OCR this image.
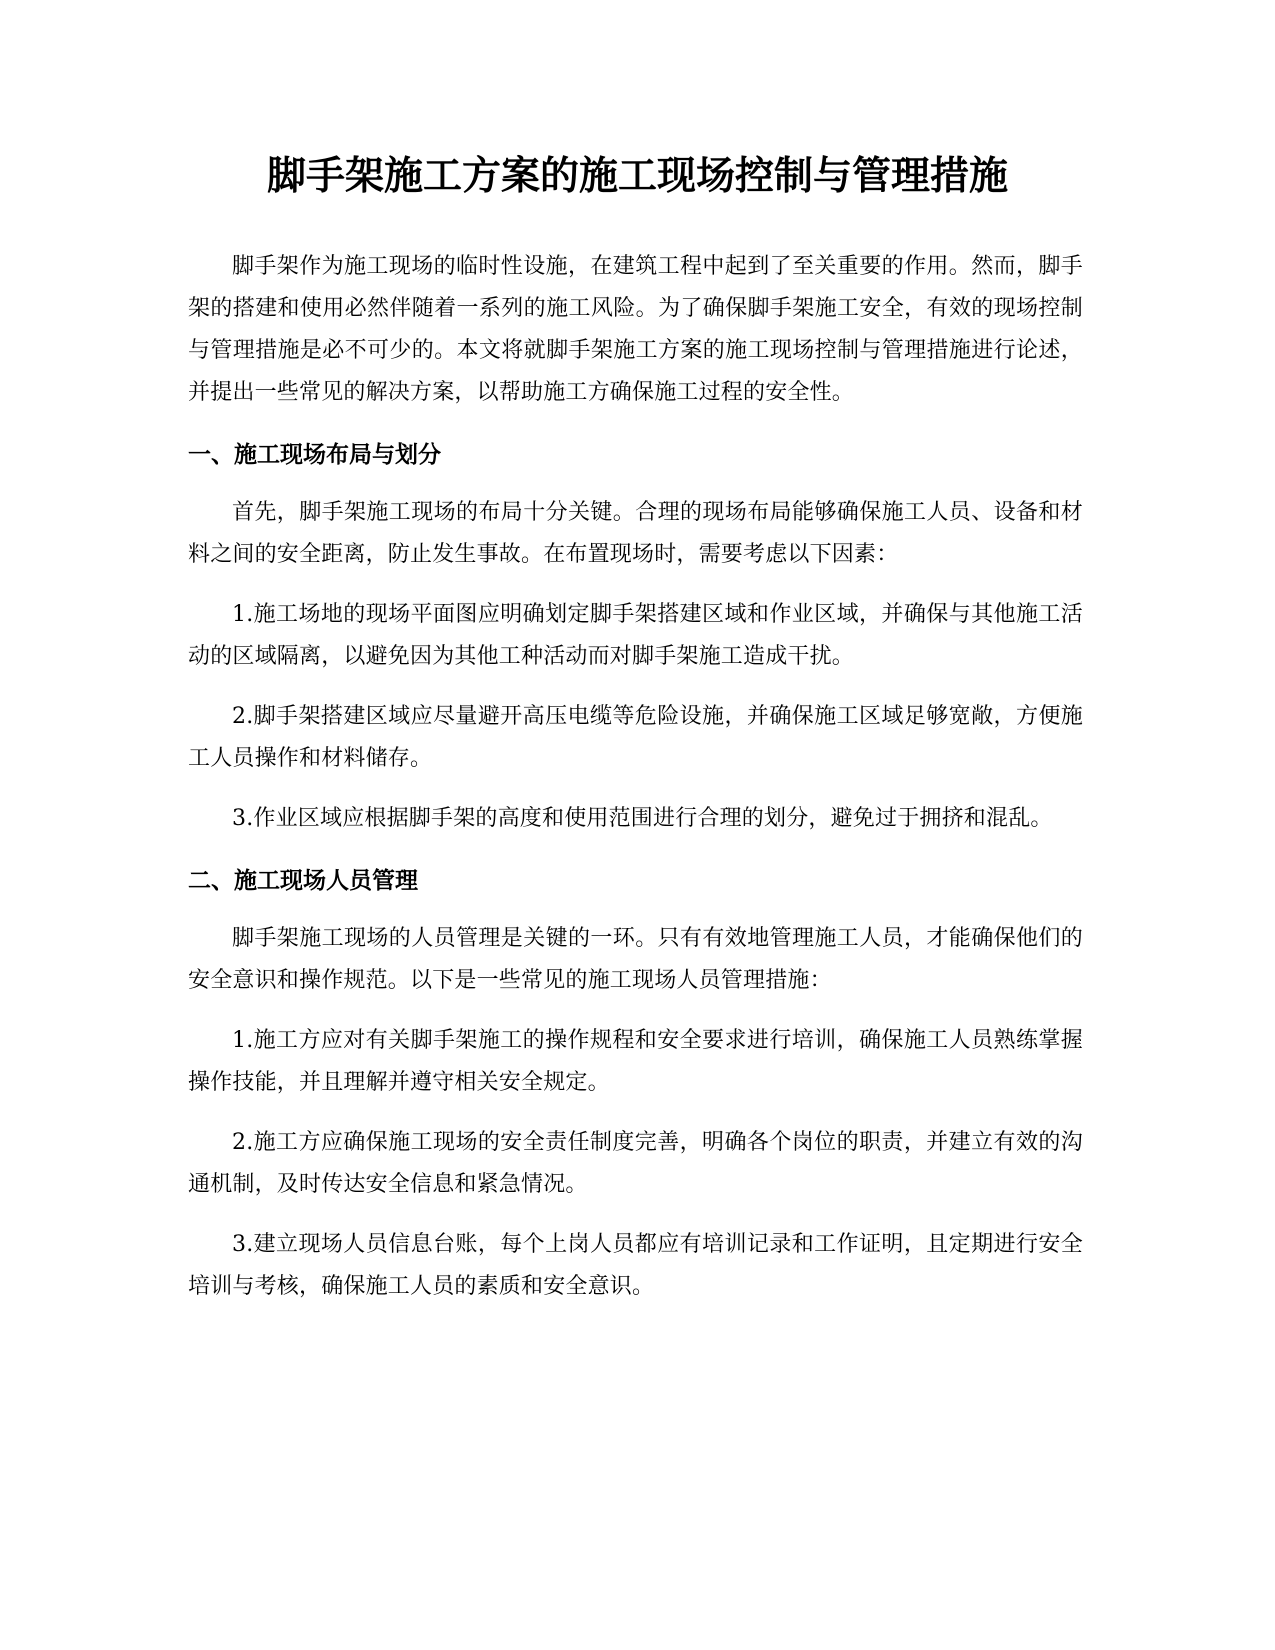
脚手架施工方案的施工现场控制与管理措施

脚手架作为施工现场的临时性设施，在建筑工程中起到了至关重要的作用。然而，脚手架的搭建和使用必然伴随着一系列的施工风险。为了确保脚手架施工安全，有效的现场控制与管理措施是必不可少的。本文将就脚手架施工方案的施工现场控制与管理措施进行论述，并提出一些常见的解决方案，以帮助施工方确保施工过程的安全性。

一、施工现场布局与划分

首先，脚手架施工现场的布局十分关键。合理的现场布局能够确保施工人员、设备和材料之间的安全距离，防止发生事故。在布置现场时，需要考虑以下因素：

1.施工场地的现场平面图应明确划定脚手架搭建区域和作业区域，并确保与其他施工活动的区域隔离，以避免因为其他工种活动而对脚手架施工造成干扰。

2.脚手架搭建区域应尽量避开高压电缆等危险设施，并确保施工区域足够宽敞，方便施工人员操作和材料储存。

3.作业区域应根据脚手架的高度和使用范围进行合理的划分，避免过于拥挤和混乱。

二、施工现场人员管理

脚手架施工现场的人员管理是关键的一环。只有有效地管理施工人员，才能确保他们的安全意识和操作规范。以下是一些常见的施工现场人员管理措施：

1.施工方应对有关脚手架施工的操作规程和安全要求进行培训，确保施工人员熟练掌握操作技能，并且理解并遵守相关安全规定。

2.施工方应确保施工现场的安全责任制度完善，明确各个岗位的职责，并建立有效的沟通机制，及时传达安全信息和紧急情况。

3.建立现场人员信息台账，每个上岗人员都应有培训记录和工作证明，且定期进行安全培训与考核，确保施工人员的素质和安全意识。
